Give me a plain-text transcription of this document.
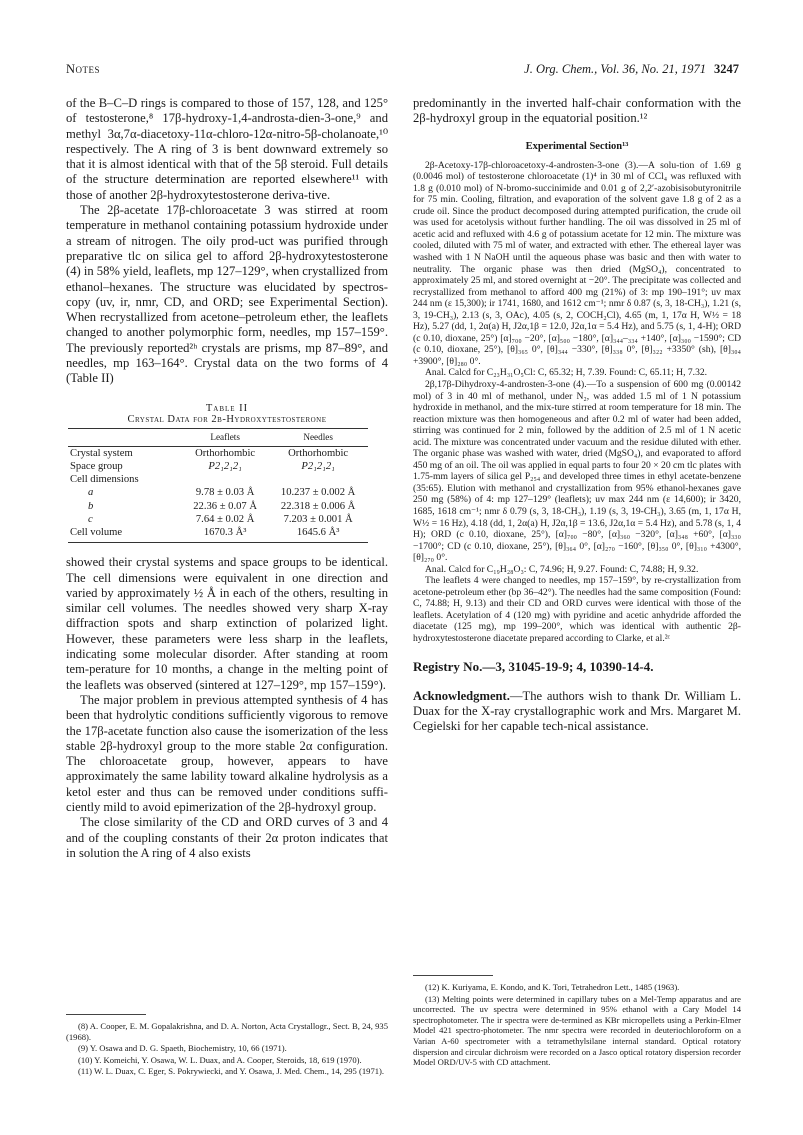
Notes	J. Org. Chem., Vol. 36, No. 21, 1971 3247

of the B–C–D rings is compared to those of 157, 128, and 125° of testosterone,⁸ 17β-hydroxy-1,4-androsta-dien-3-one,⁹ and methyl 3α,7α-diacetoxy-11α-chloro-12α-nitro-5β-cholanoate,¹⁰ respectively. The A ring of 3 is bent downward extremely so that it is almost identical with that of the 5β steroid. Full details of the structure determination are reported elsewhere¹¹ with those of another 2β-hydroxytestosterone deriva-tive.

The 2β-acetate 17β-chloroacetate 3 was stirred at room temperature in methanol containing potassium hydroxide under a stream of nitrogen. The oily prod-uct was purified through preparative tlc on silica gel to afford 2β-hydroxytestosterone (4) in 58% yield, leaflets, mp 127–129°, when crystallized from ethanol–hexanes. The structure was elucidated by spectros-copy (uv, ir, nmr, CD, and ORD; see Experimental Section). When recrystallized from acetone–petroleum ether, the leaflets changed to another polymorphic form, needles, mp 157–159°. The previously reported²ʰ crystals are prisms, mp 87–89°, and needles, mp 163–164°. Crystal data on the two forms of 4 (Table II)

Table II
Crystal Data for 2β-Hydroxytestosterone
	Leaflets	Needles
Crystal system	Orthorhombic	Orthorhombic
Space group	P2₁2₁2₁	P2₁2₁2₁
Cell dimensions		
a	9.78 ± 0.03 Å	10.237 ± 0.002 Å
b	22.36 ± 0.07 Å	22.318 ± 0.006 Å
c	7.64 ± 0.02 Å	7.203 ± 0.001 Å
Cell volume	1670.3 Å³	1645.6 Å³

showed their crystal systems and space groups to be identical. The cell dimensions were equivalent in one direction and varied by approximately ½ Å in each of the others, resulting in similar cell volumes. The needles showed very sharp X-ray diffraction spots and sharp extinction of polarized light. However, these parameters were less sharp in the leaflets, indicating some molecular disorder. After standing at room tem-perature for 10 months, a change in the melting point of the leaflets was observed (sintered at 127–129°, mp 157–159°).

The major problem in previous attempted synthesis of 4 has been that hydrolytic conditions sufficiently vigorous to remove the 17β-acetate function also cause the isomerization of the less stable 2β-hydroxyl group to the more stable 2α configuration. The chloroacetate group, however, appears to have approximately the same lability toward alkaline hydrolysis as a ketol ester and thus can be removed under conditions suffi-ciently mild to avoid epimerization of the 2β-hydroxyl group.

The close similarity of the CD and ORD curves of 3 and 4 and of the coupling constants of their 2α proton indicates that in solution the A ring of 4 also exists

(8) A. Cooper, E. M. Gopalakrishna, and D. A. Norton, Acta Crystallogr., Sect. B, 24, 935 (1968).

(9) Y. Osawa and D. G. Spaeth, Biochemistry, 10, 66 (1971).

(10) Y. Komeichi, Y. Osawa, W. L. Duax, and A. Cooper, Steroids, 18, 619 (1970).

(11) W. L. Duax, C. Eger, S. Pokrywiecki, and Y. Osawa, J. Med. Chem., 14, 295 (1971).

predominantly in the inverted half-chair conformation with the 2β-hydroxyl group in the equatorial position.¹²

Experimental Section¹³

2β-Acetoxy-17β-chloroacetoxy-4-androsten-3-one (3).—A solu-tion of 1.69 g (0.0046 mol) of testosterone chloroacetate (1)⁴ in 30 ml of CCl₄ was refluxed with 1.8 g (0.010 mol) of N-bromo-succinimide and 0.01 g of 2,2′-azobisisobutyronitrile for 75 min. Cooling, filtration, and evaporation of the solvent gave 1.8 g of 2 as a crude oil. Since the product decomposed during attempted purification, the crude oil was used for acetolysis without further handling. The oil was dissolved in 25 ml of acetic acid and refluxed with 4.6 g of potassium acetate for 12 min. The mixture was cooled, diluted with 75 ml of water, and extracted with ether. The ethereal layer was washed with 1 N NaOH until the aqueous phase was basic and then with water to neutrality. The organic phase was then dried (MgSO₄), concentrated to approximately 25 ml, and stored overnight at −20°. The precipitate was collected and recrystallized from methanol to afford 400 mg (21%) of 3: mp 190–191°; uv max 244 nm (ε 15,300); ir 1741, 1680, and 1612 cm⁻¹; nmr δ 0.87 (s, 3, 18-CH₃), 1.21 (s, 3, 19-CH₃), 2.13 (s, 3, OAc), 4.05 (s, 2, COCH₂Cl), 4.65 (m, 1, 17α H, W½ = 18 Hz), 5.27 (dd, 1, 2α(a) H, J2α,1β = 12.0, J2α,1α = 5.4 Hz), and 5.75 (s, 1, 4-H); ORD (c 0.10, dioxane, 25°) [α]₇₀₀ −20°, [α]₅₀₀ −180°, [α]₃₄₄–₃₃₄ +140°, [α]₃₀₀ −1590°; CD (c 0.10, dioxane, 25°), [θ]₃₆₅ 0°, [θ]₃₄₄ −330°, [θ]₃₃₈ 0°, [θ]₃₂₂ +3350° (sh), [θ]₃₀₄ +3900°, [θ]₂₈₀ 0°.

Anal. Calcd for C₂₃H₃₁O₅Cl: C, 65.32; H, 7.39. Found: C, 65.11; H, 7.32.

2β,17β-Dihydroxy-4-androsten-3-one (4).—To a suspension of 600 mg (0.00142 mol) of 3 in 40 ml of methanol, under N₂, was added 1.5 ml of 1 N potassium hydroxide in methanol, and the mix-ture stirred at room temperature for 18 min. The reaction mixture was then homogeneous and after 0.2 ml of water had been added, stirring was continued for 2 min, followed by the addition of 2.5 ml of 1 N acetic acid. The mixture was concentrated under vacuum and the residue diluted with ether. The organic phase was washed with water, dried (MgSO₄), and evaporated to afford 450 mg of an oil. The oil was applied in equal parts to four 20 × 20 cm tlc plates with 1.75-mm layers of silica gel P₂₅₄ and developed three times in ethyl acetate-benzene (35:65). Elution with methanol and crystallization from 95% ethanol-hexanes gave 250 mg (58%) of 4: mp 127–129° (leaflets); uv max 244 nm (ε 14,600); ir 3420, 1685, 1618 cm⁻¹; nmr δ 0.79 (s, 3, 18-CH₃), 1.19 (s, 3, 19-CH₃), 3.65 (m, 1, 17α H, W½ = 16 Hz), 4.18 (dd, 1, 2α(a) H, J2α,1β = 13.6, J2α,1α = 5.4 Hz), and 5.78 (s, 1, 4 H); ORD (c 0.10, dioxane, 25°), [α]₇₀₀ −80°, [α]₃₆₀ −320°, [α]₃₄₈ +60°, [α]₃₃₀ −1700°; CD (c 0.10, dioxane, 25°), [θ]₃₆₄ 0°, [α]₂₇₀ −160°, [θ]₃₅₀ 0°, [θ]₃₁₀ +4300°, [θ]₂₇₀ 0°.

Anal. Calcd for C₁₉H₂₈O₃: C, 74.96; H, 9.27. Found: C, 74.88; H, 9.32.

The leaflets 4 were changed to needles, mp 157–159°, by re-crystallization from acetone-petroleum ether (bp 36–42°). The needles had the same composition (Found: C, 74.88; H, 9.13) and their CD and ORD curves were identical with those of the leaflets. Acetylation of 4 (120 mg) with pyridine and acetic anhydride afforded the diacetate (125 mg), mp 199–200°, which was identical with authentic 2β-hydroxytestosterone diacetate prepared according to Clarke, et al.²ᶜ

Registry No.—3, 31045-19-9; 4, 10390-14-4.

Acknowledgment.—The authors wish to thank Dr. William L. Duax for the X-ray crystallographic work and Mrs. Margaret M. Cegielski for her capable tech-nical assistance.

(12) K. Kuriyama, E. Kondo, and K. Tori, Tetrahedron Lett., 1485 (1963).

(13) Melting points were determined in capillary tubes on a Mel-Temp apparatus and are uncorrected. The uv spectra were determined in 95% ethanol with a Cary Model 14 spectrophotometer. The ir spectra were de-termined as KBr micropellets using a Perkin-Elmer Model 421 spectro-photometer. The nmr spectra were recorded in deuteriochloroform on a Varian A-60 spectrometer with a tetramethylsilane internal standard. Optical rotatory dispersion and circular dichroism were recorded on a Jasco optical rotatory dispersion recorder Model ORD/UV-5 with CD attachment.
